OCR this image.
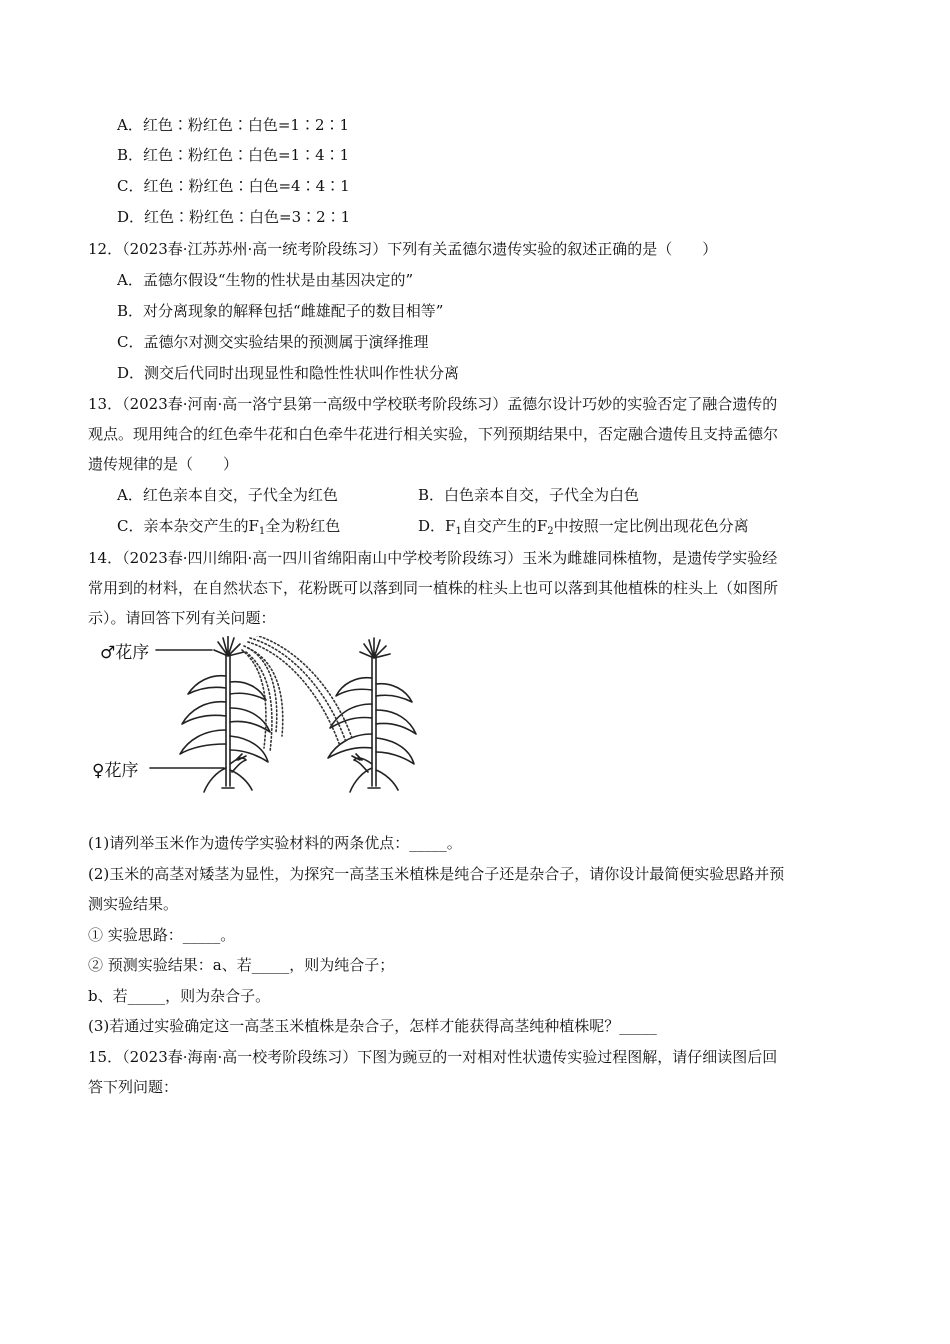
A．红色∶粉红色∶白色=1∶2∶1
B．红色∶粉红色∶白色=1∶4∶1
C．红色∶粉红色∶白色=4∶4∶1
D．红色∶粉红色∶白色=3∶2∶1
12．（2023春·江苏苏州·高一统考阶段练习）下列有关孟德尔遗传实验的叙述正确的是（　　）
A．孟德尔假设“生物的性状是由基因决定的”
B．对分离现象的解释包括“雌雄配子的数目相等”
C．孟德尔对测交实验结果的预测属于演绎推理
D．测交后代同时出现显性和隐性性状叫作性状分离
13．（2023春·河南·高一洛宁县第一高级中学校联考阶段练习）孟德尔设计巧妙的实验否定了融合遗传的
观点。现用纯合的红色牵牛花和白色牵牛花进行相关实验，下列预期结果中，否定融合遗传且支持孟德尔
遗传规律的是（　　）
A．红色亲本自交，子代全为红色	B．白色亲本自交，子代全为白色
C．亲本杂交产生的$F_1$全为粉红色	D．$F_1$自交产生的$F_2$中按照一定比例出现花色分离
14．（2023春·四川绵阳·高一四川省绵阳南山中学校考阶段练习）玉米为雌雄同株植物，是遗传学实验经
常用到的材料，在自然状态下，花粉既可以落到同一植株的柱头上也可以落到其他植株的柱头上（如图所
示）。请回答下列有关问题：
♂花序
♀花序
(1)请列举玉米作为遗传学实验材料的两条优点：_____。
(2)玉米的高茎对矮茎为显性，为探究一高茎玉米植株是纯合子还是杂合子，请你设计最简便实验思路并预
测实验结果。
① 实验思路：_____。
② 预测实验结果：a、若_____，则为纯合子；
b、若_____，则为杂合子。
(3)若通过实验确定这一高茎玉米植株是杂合子，怎样才能获得高茎纯种植株呢？_____
15．（2023春·海南·高一校考阶段练习）下图为豌豆的一对相对性状遗传实验过程图解，请仔细读图后回
答下列问题：
